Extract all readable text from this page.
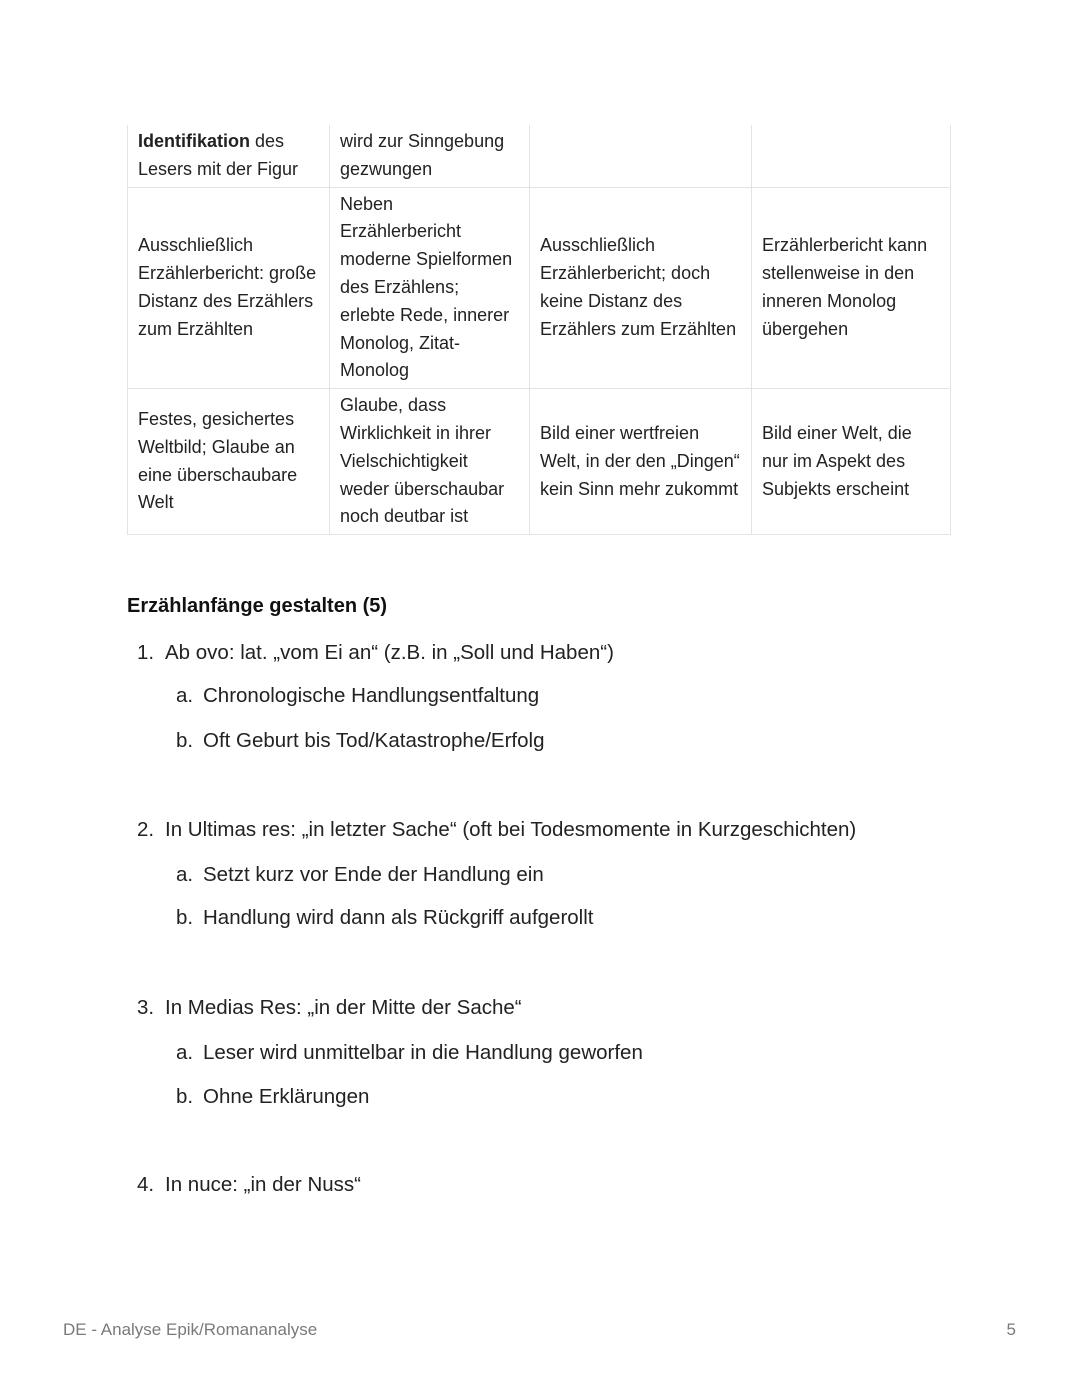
Identifikation des Lesers mit der Figur	wird zur Sinngebung gezwungen		

Ausschließlich Erzählerbericht: große Distanz des Erzählers zum Erzählten	Neben Erzählerbericht moderne Spielformen des Erzählens; erlebte Rede, innerer Monolog, Zitat-Monolog	Ausschließlich Erzählerbericht; doch keine Distanz des Erzählers zum Erzählten	Erzählerbericht kann stellenweise in den inneren Monolog übergehen

Festes, gesichertes Weltbild; Glaube an eine überschaubare Welt	Glaube, dass Wirklichkeit in ihrer Vielschichtigkeit weder überschaubar noch deutbar ist	Bild einer wertfreien Welt, in der den „Dingen“ kein Sinn mehr zukommt	Bild einer Welt, die nur im Aspekt des Subjekts erscheint
Erzählanfänge gestalten (5)
1. Ab ovo: lat. „vom Ei an“ (z.B. in „Soll und Haben“)
a. Chronologische Handlungsentfaltung
b. Oft Geburt bis Tod/Katastrophe/Erfolg
2. In Ultimas res: „in letzter Sache“ (oft bei Todesmomente in Kurzgeschichten)
a. Setzt kurz vor Ende der Handlung ein
b. Handlung wird dann als Rückgriff aufgerollt
3. In Medias Res: „in der Mitte der Sache“
a. Leser wird unmittelbar in die Handlung geworfen
b. Ohne Erklärungen
4. In nuce: „in der Nuss“
DE - Analyse Epik/Romananalyse	5
